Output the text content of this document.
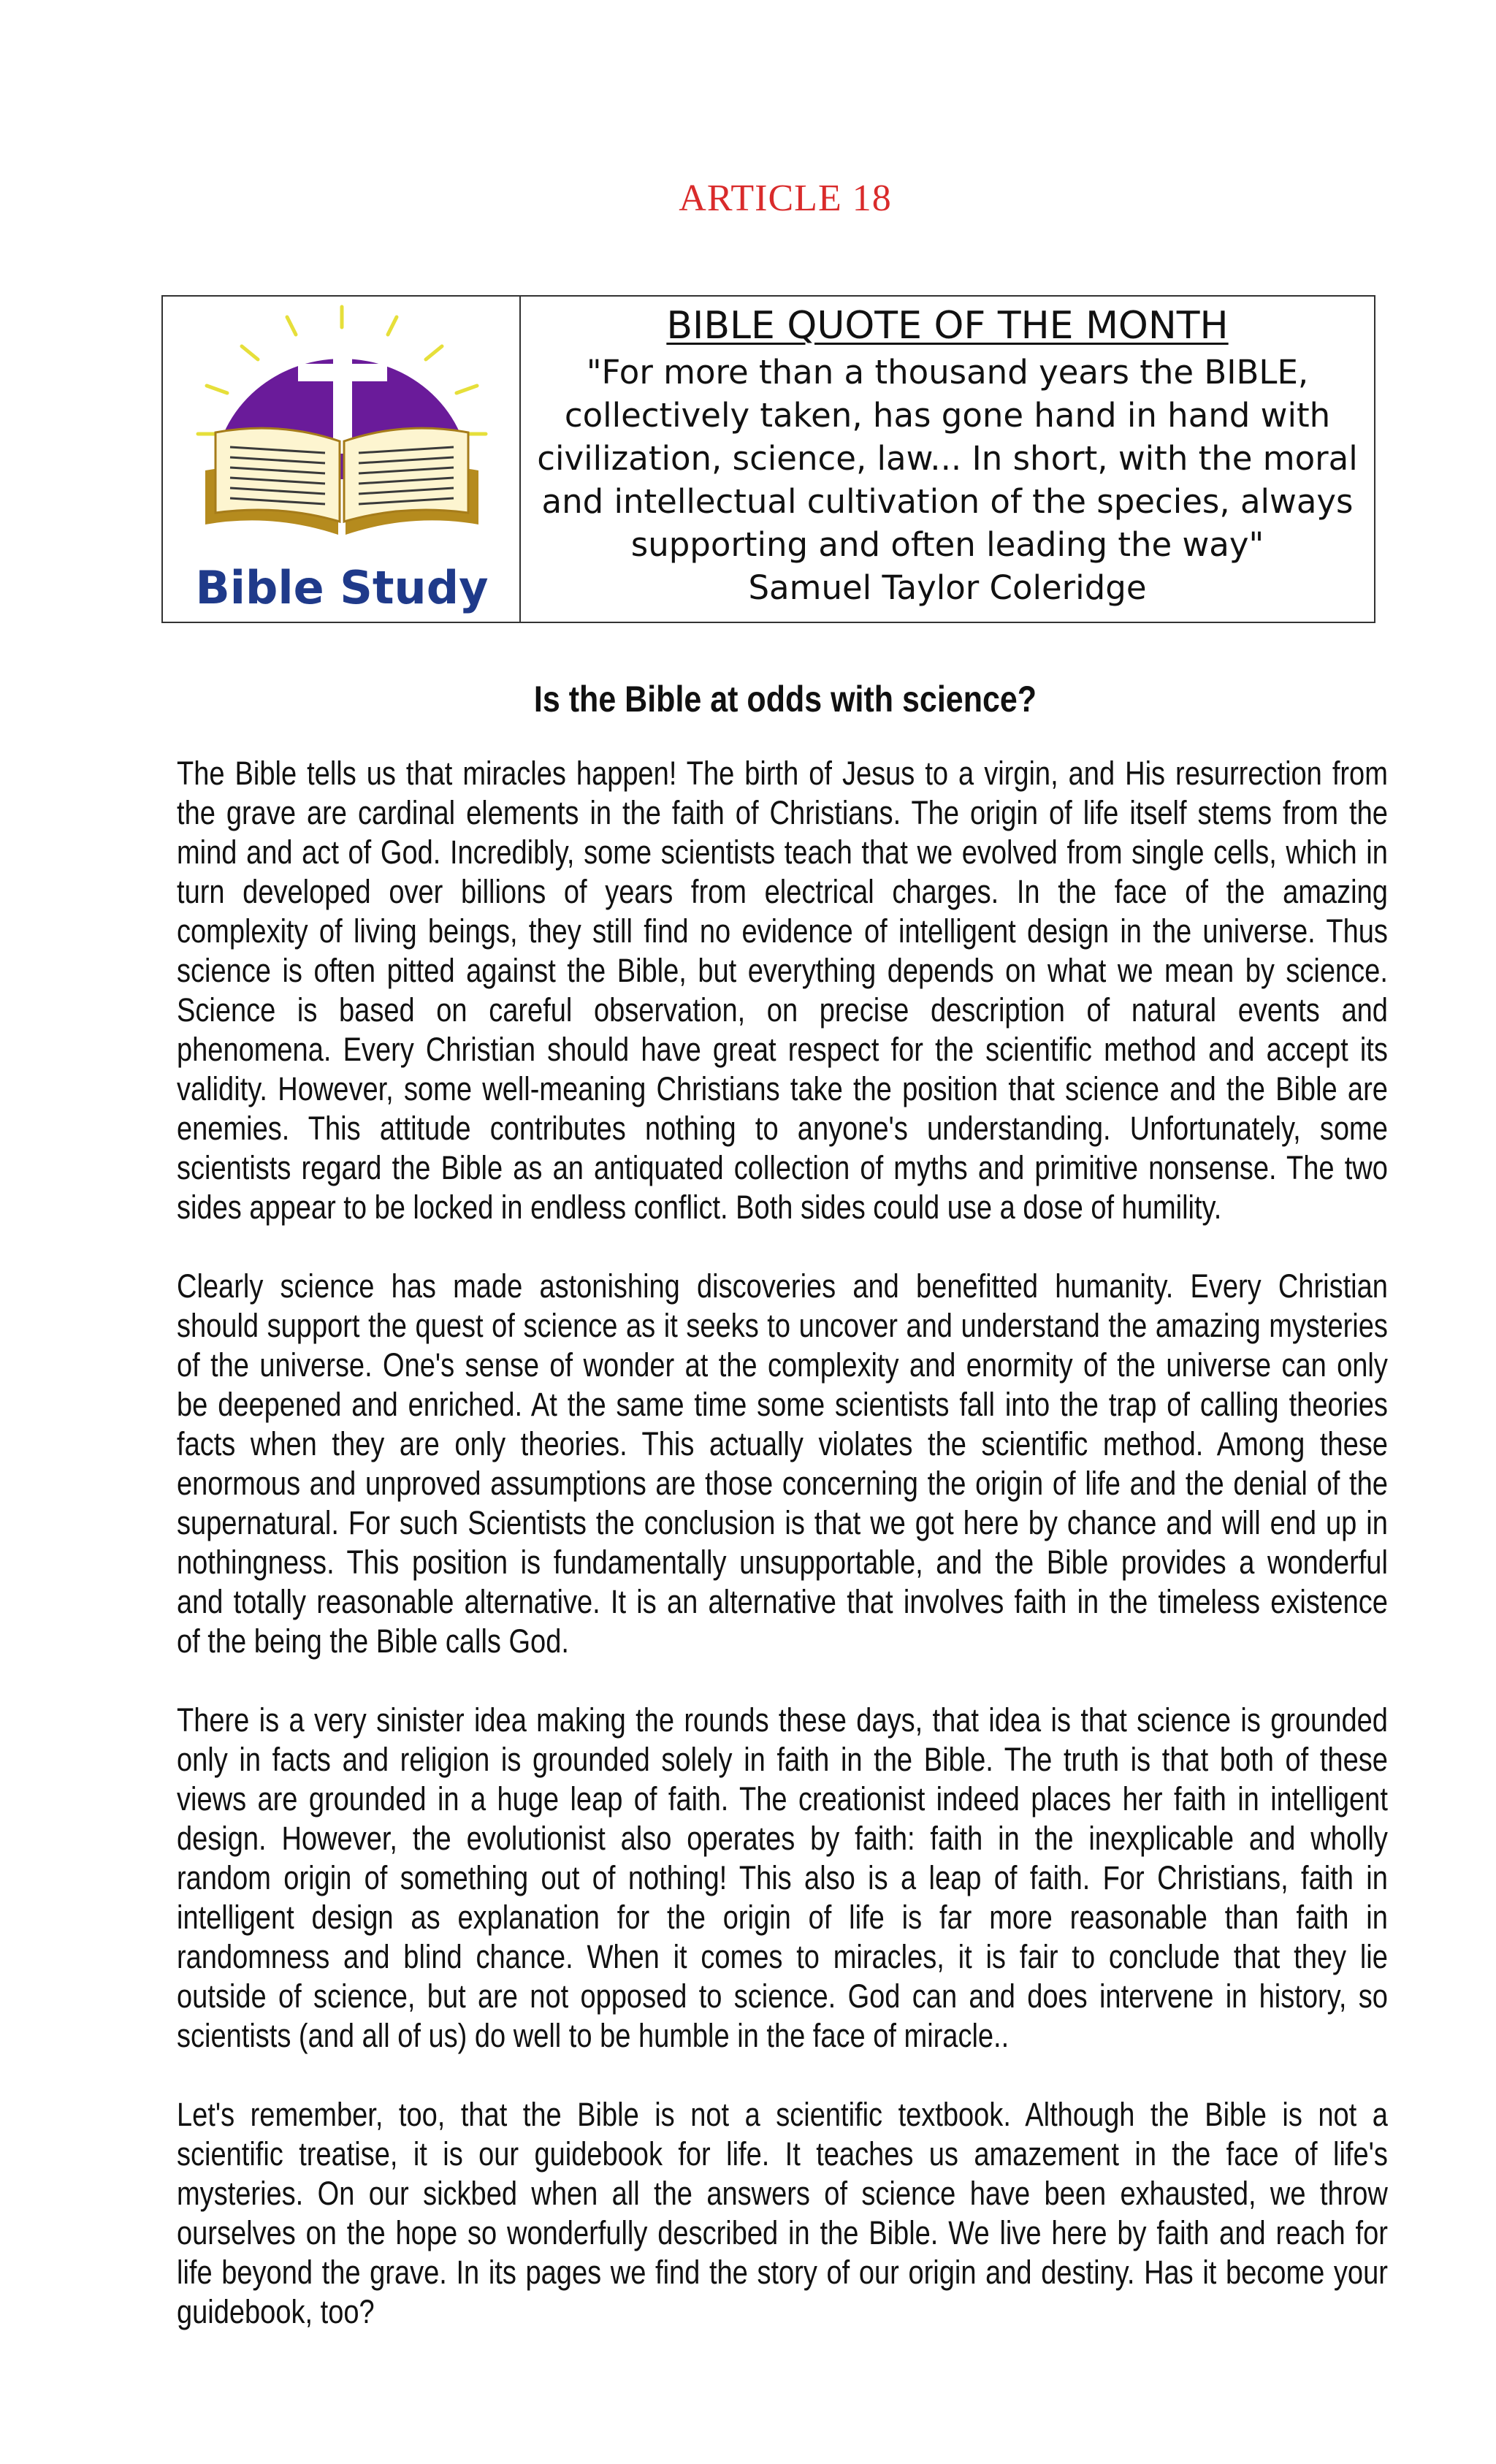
ARTICLE 18
Bible Study
BIBLE QUOTE OF THE MONTH
"For more than a thousand years the BIBLE,
collectively taken, has gone hand in hand with
civilization, science, law... In short, with the moral
and intellectual cultivation of the species, always
supporting and often leading the way"
Samuel Taylor Coleridge
Is the Bible at odds with science?
The Bible tells us that miracles happen! The birth of Jesus to a virgin, and His resurrection from
the grave are cardinal elements in the faith of Christians. The origin of life itself stems from the
mind and act of God. Incredibly, some scientists teach that we evolved from single cells, which in
turn developed over billions of years from electrical charges. In the face of the amazing
complexity of living beings, they still find no evidence of intelligent design in the universe. Thus
science is often pitted against the Bible, but everything depends on what we mean by science.
Science is based on careful observation, on precise description of natural events and
phenomena. Every Christian should have great respect for the scientific method and accept its
validity. However, some well-meaning Christians take the position that science and the Bible are
enemies. This attitude contributes nothing to anyone's understanding. Unfortunately, some
scientists regard the Bible as an antiquated collection of myths and primitive nonsense. The two
sides appear to be locked in endless conflict. Both sides could use a dose of humility.
Clearly science has made astonishing discoveries and benefitted humanity. Every Christian
should support the quest of science as it seeks to uncover and understand the amazing mysteries
of the universe. One's sense of wonder at the complexity and enormity of the universe can only
be deepened and enriched. At the same time some scientists fall into the trap of calling theories
facts when they are only theories. This actually violates the scientific method. Among these
enormous and unproved assumptions are those concerning the origin of life and the denial of the
supernatural. For such Scientists the conclusion is that we got here by chance and will end up in
nothingness. This position is fundamentally unsupportable, and the Bible provides a wonderful
and totally reasonable alternative. It is an alternative that involves faith in the timeless existence
of the being the Bible calls God.
There is a very sinister idea making the rounds these days, that idea is that science is grounded
only in facts and religion is grounded solely in faith in the Bible. The truth is that both of these
views are grounded in a huge leap of faith. The creationist indeed places her faith in intelligent
design. However, the evolutionist also operates by faith: faith in the inexplicable and wholly
random origin of something out of nothing! This also is a leap of faith. For Christians, faith in
intelligent design as explanation for the origin of life is far more reasonable than faith in
randomness and blind chance. When it comes to miracles, it is fair to conclude that they lie
outside of science, but are not opposed to science. God can and does intervene in history, so
scientists (and all of us) do well to be humble in the face of miracle..
Let's remember, too, that the Bible is not a scientific textbook. Although the Bible is not a
scientific treatise, it is our guidebook for life. It teaches us amazement in the face of life's
mysteries. On our sickbed when all the answers of science have been exhausted, we throw
ourselves on the hope so wonderfully described in the Bible. We live here by faith and reach for
life beyond the grave. In its pages we find the story of our origin and destiny. Has it become your
guidebook, too?
